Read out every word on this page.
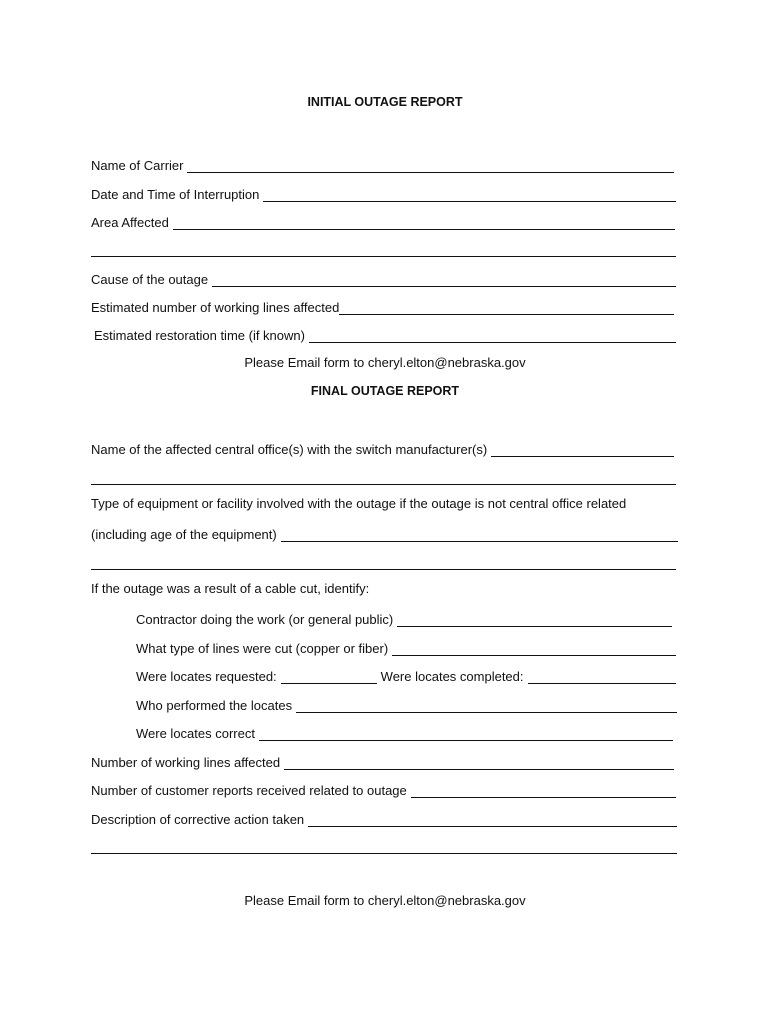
INITIAL OUTAGE REPORT
Name of Carrier
Date and Time of Interruption
Area Affected
Cause of the outage
Estimated number of working lines affected
Estimated restoration time (if known)
Please Email form to cheryl.elton@nebraska.gov
FINAL OUTAGE REPORT
Name of the affected central office(s) with the switch manufacturer(s)
Type of equipment or facility involved with the outage if the outage is not central office related
(including age of the equipment)
If the outage was a result of a cable cut, identify:
Contractor doing the work (or general public)
What type of lines were cut (copper or fiber)
Were locates requested:	Were locates completed:
Who performed the locates
Were locates correct
Number of working lines affected
Number of customer reports received related to outage
Description of corrective action taken
Please Email form to cheryl.elton@nebraska.gov
